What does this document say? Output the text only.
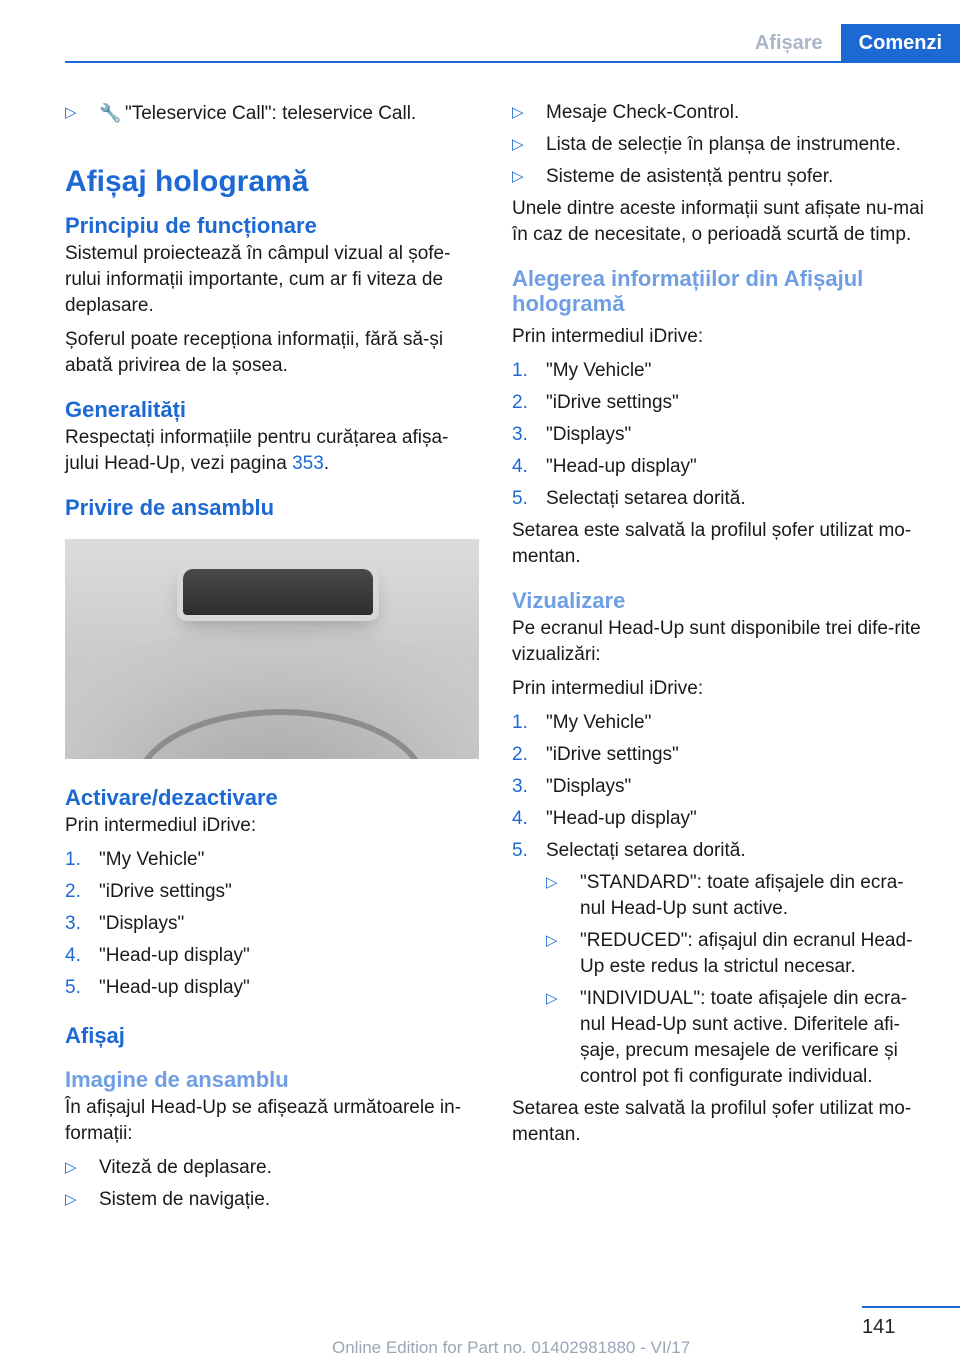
Afișare	Comenzi
▷	🔧 "Teleservice Call": teleservice Call.
Afișaj hologramă
Principiu de funcționare

Sistemul proiectează în câmpul vizual al șofe-rului informații importante, cum ar fi viteza de deplasare.

Șoferul poate recepționa informații, fără să-și abată privirea de la șosea.

Generalități

Respectați informațiile pentru curățarea afișa-jului Head-Up, vezi pagina 353.

Privire de ansamblu
Activare/dezactivare

Prin intermediul iDrive:

1. "My Vehicle"
2. "iDrive settings"
3. "Displays"
4. "Head-up display"
5. "Head-up display"
Afișaj
Imagine de ansamblu

În afișajul Head-Up se afișează următoarele in-formații:

▷	Viteză de deplasare.
▷	Sistem de navigație.
▷	Mesaje Check-Control.
▷	Lista de selecție în planșa de instrumente.
▷	Sisteme de asistență pentru șofer.

Unele dintre aceste informații sunt afișate nu-mai în caz de necesitate, o perioadă scurtă de timp.

Alegerea informațiilor din Afișajul hologramă

Prin intermediul iDrive:

1. "My Vehicle"
2. "iDrive settings"
3. "Displays"
4. "Head-up display"
5. Selectați setarea dorită.

Setarea este salvată la profilul șofer utilizat mo-mentan.

Vizualizare

Pe ecranul Head-Up sunt disponibile trei dife-rite vizualizări:

Prin intermediul iDrive:

1. "My Vehicle"
2. "iDrive settings"
3. "Displays"
4. "Head-up display"
5. Selectați setarea dorită.
▷	"STANDARD": toate afișajele din ecra-nul Head-Up sunt active.
▷	"REDUCED": afișajul din ecranul Head-Up este redus la strictul necesar.
▷	"INDIVIDUAL": toate afișajele din ecra-nul Head-Up sunt active. Diferitele afi-șaje, precum mesajele de verificare și control pot fi configurate individual.

Setarea este salvată la profilul șofer utilizat mo-mentan.

141
Online Edition for Part no. 01402981880 - VI/17
